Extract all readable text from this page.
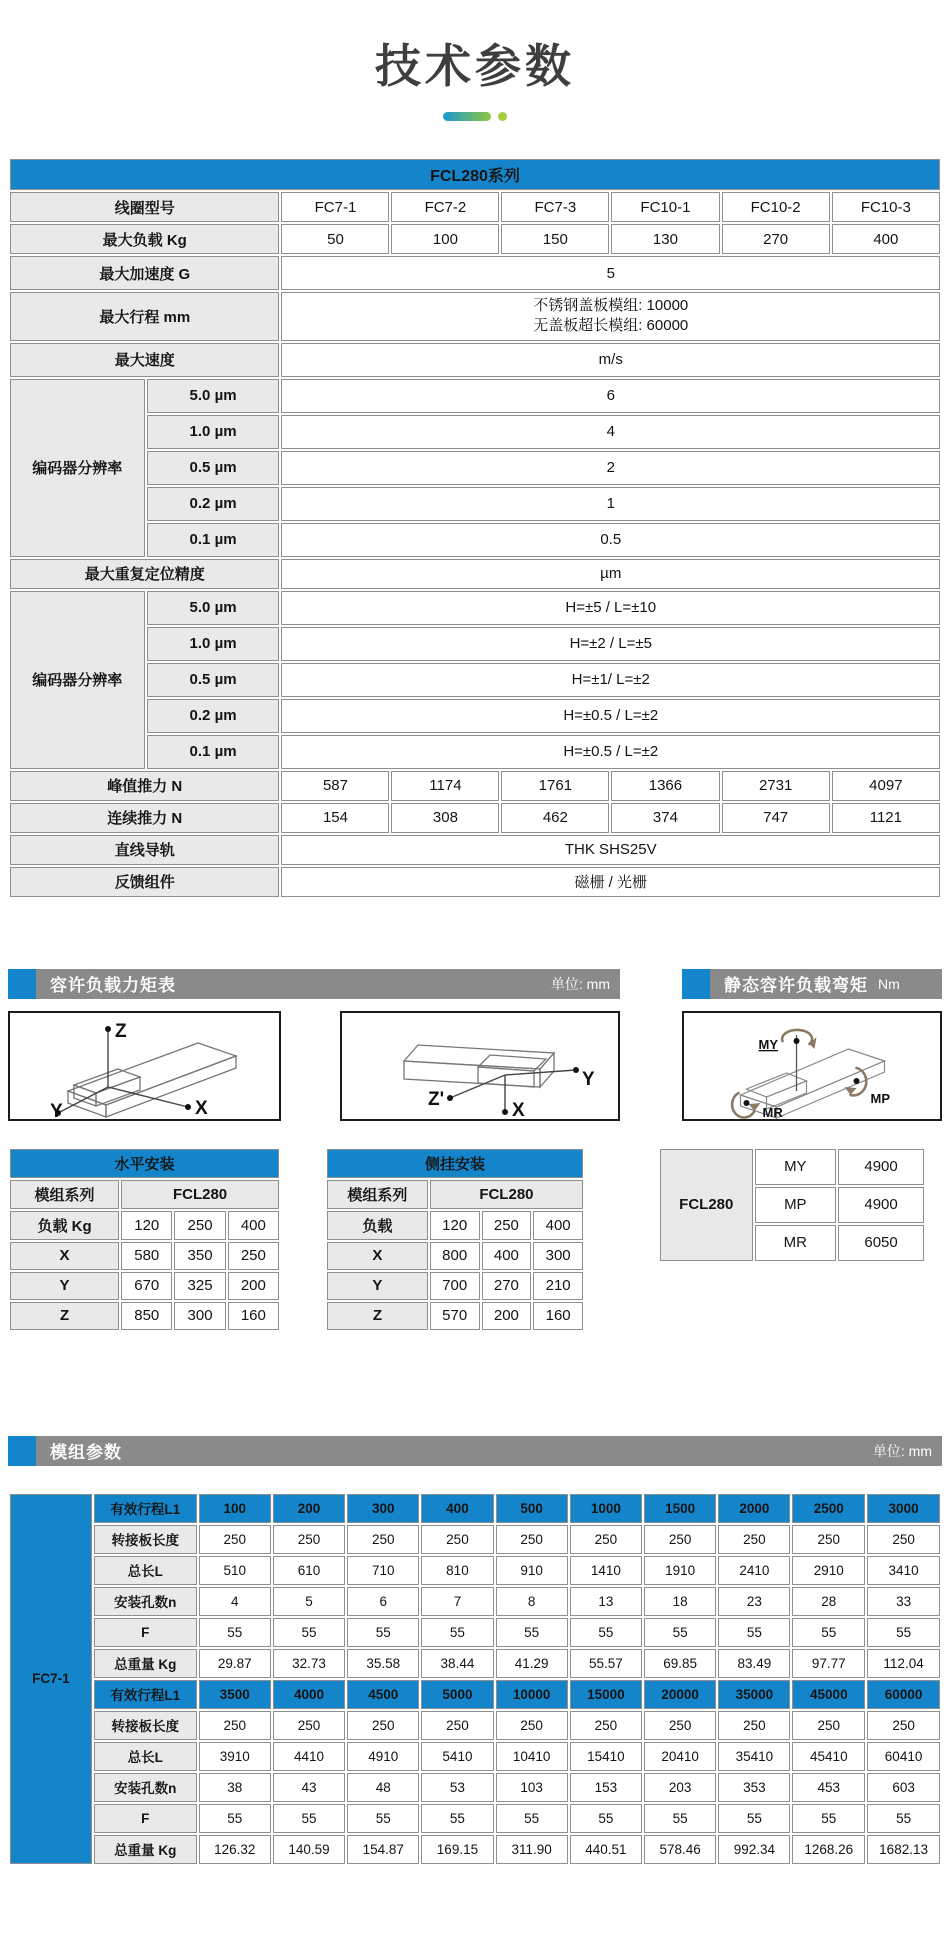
技术参数
FCL280系列							
线圈型号		FC7-1	FC7-2	FC7-3	FC10-1	FC10-2	FC10-3
最大负载 Kg		50	100	150	130	270	400
最大加速度 G		5					
最大行程 mm		不锈钢盖板模组: 10000
无盖板超长模组: 60000					

最大速度		m/s					
编码器分辨率	5.0 µm	6					
	1.0 µm	4					
	0.5 µm	2					
	0.2 µm	1					
	0.1 µm	0.5					
最大重复定位精度		µm					
编码器分辨率	5.0 µm	H=±5 / L=±10					
	1.0 µm	H=±2 / L=±5					
	0.5 µm	H=±1/ L=±2					
	0.2 µm	H=±0.5 / L=±2					
	0.1 µm	H=±0.5 / L=±2					
峰值推力 N		587	1174	1761	1366	2731	4097
连续推力 N		154	308	462	374	747	1121
直线导轨		THK SHS25V					
反馈组件		磁栅 / 光栅					
容许负载力矩表	单位: mm
Z
X
Y
Z'
Y
X
水平安装			
模组系列	FCL280		
负载 Kg	120	250	400
X	580	350	250
Y	670	325	200
Z	850	300	160
侧挂安装			
模组系列	FCL280		
负载	120	250	400
X	800	400	300
Y	700	270	210
Z	570	200	160
静态容许负载弯矩 Nm
MY
MP
MR
FCL280	MY	4900
	MP	4900
	MR	6050
模组参数	单位: mm
FC7-1	有效行程L1	100	200	300	400	500	1000	1500	2000	2500	3000
	转接板长度	250	250	250	250	250	250	250	250	250	250
	总长L	510	610	710	810	910	1410	1910	2410	2910	3410
	安装孔数n	4	5	6	7	8	13	18	23	28	33
	F	55	55	55	55	55	55	55	55	55	55
	总重量 Kg	29.87	32.73	35.58	38.44	41.29	55.57	69.85	83.49	97.77	112.04
	有效行程L1	3500	4000	4500	5000	10000	15000	20000	35000	45000	60000
	转接板长度	250	250	250	250	250	250	250	250	250	250
	总长L	3910	4410	4910	5410	10410	15410	20410	35410	45410	60410
	安装孔数n	38	43	48	53	103	153	203	353	453	603
	F	55	55	55	55	55	55	55	55	55	55
	总重量 Kg	126.32	140.59	154.87	169.15	311.90	440.51	578.46	992.34	1268.26	1682.13
